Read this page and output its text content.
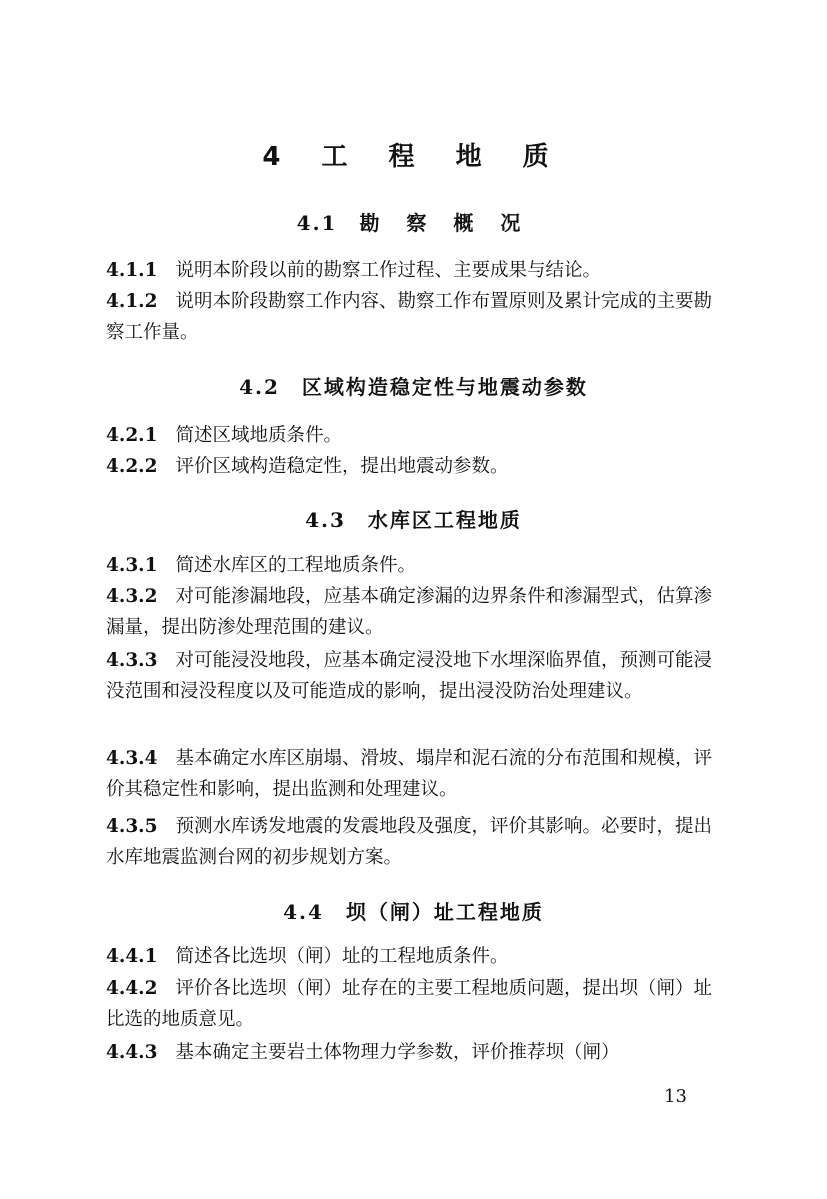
4 工 程 地 质
4.1 勘 察 概 况
4.1.1 说明本阶段以前的勘察工作过程、主要成果与结论。
4.1.2 说明本阶段勘察工作内容、勘察工作布置原则及累计完成的主要勘察工作量。
4.2 区域构造稳定性与地震动参数
4.2.1 简述区域地质条件。
4.2.2 评价区域构造稳定性，提出地震动参数。
4.3 水库区工程地质
4.3.1 简述水库区的工程地质条件。
4.3.2 对可能渗漏地段，应基本确定渗漏的边界条件和渗漏型式，估算渗漏量，提出防渗处理范围的建议。
4.3.3 对可能浸没地段，应基本确定浸没地下水埋深临界值，预测可能浸没范围和浸没程度以及可能造成的影响，提出浸没防治处理建议。
4.3.4 基本确定水库区崩塌、滑坡、塌岸和泥石流的分布范围和规模，评价其稳定性和影响，提出监测和处理建议。
4.3.5 预测水库诱发地震的发震地段及强度，评价其影响。必要时，提出水库地震监测台网的初步规划方案。
4.4 坝（闸）址工程地质
4.4.1 简述各比选坝（闸）址的工程地质条件。
4.4.2 评价各比选坝（闸）址存在的主要工程地质问题，提出坝（闸）址比选的地质意见。
4.4.3 基本确定主要岩土体物理力学参数，评价推荐坝（闸）
13
